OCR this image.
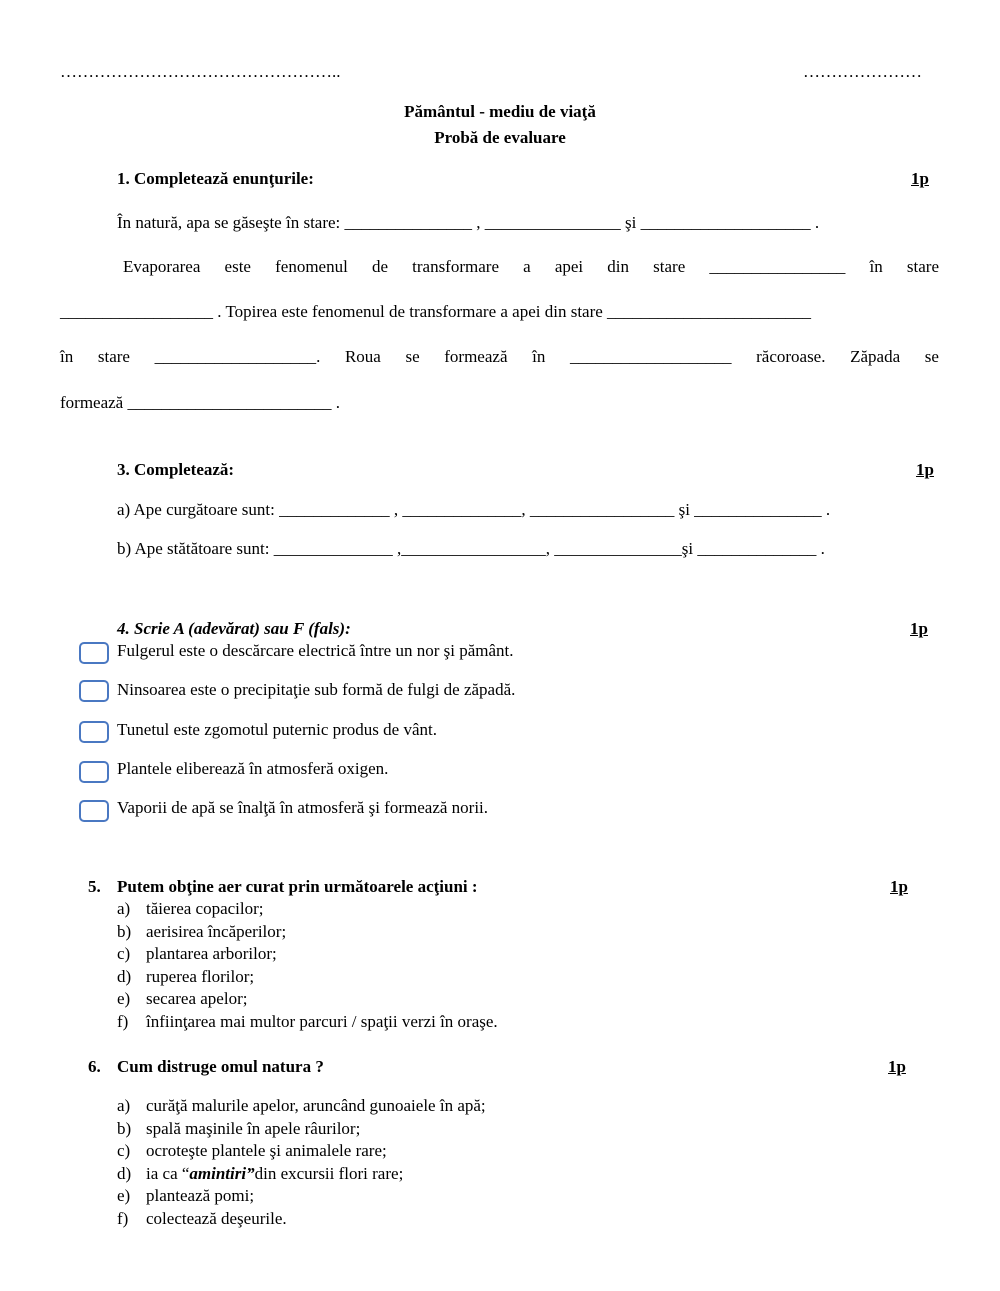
…………………………………………..	…………………
Pământul - mediu de viaţă
Probă de evaluare
1. Completează enunţurile:	1p
În natură, apa se găseşte în stare: _______________ , ________________ şi ____________________ .
Evaporarea este fenomenul de transformare a apei din stare ________________ în stare
__________________ . Topirea este fenomenul de transformare a apei din stare ________________________
în stare ___________________. Roua se formează în ___________________ răcoroase. Zăpada se
formează ________________________ .
3. Completează:	1p
a) Ape curgătoare sunt: _____________ , ______________, _________________ şi _______________ .
b) Ape stătătoare sunt: ______________ ,_________________, _______________şi ______________ .
4. Scrie A (adevărat) sau F (fals):	1p
Fulgerul este o descărcare electrică între un nor şi pământ.
Ninsoarea este o precipitaţie sub formă de fulgi de zăpadă.
Tunetul este zgomotul puternic produs de vânt.
Plantele eliberează în atmosferă oxigen.
Vaporii de apă se înalţă în atmosferă şi formează norii.
5. Putem obţine aer curat prin următoarele acţiuni :	1p
a) tăierea copacilor;
b) aerisirea încăperilor;
c) plantarea arborilor;
d) ruperea florilor;
e) secarea apelor;
f) înfiinţarea mai multor parcuri / spaţii verzi în oraşe.
6. Cum distruge omul natura ?	1p
a) curăţă malurile apelor, aruncând gunoaiele în apă;
b) spală maşinile în apele râurilor;
c) ocroteşte plantele şi animalele rare;
d) ia ca “amintiri”din excursii flori rare;
e) plantează pomi;
f) colectează deşeurile.
